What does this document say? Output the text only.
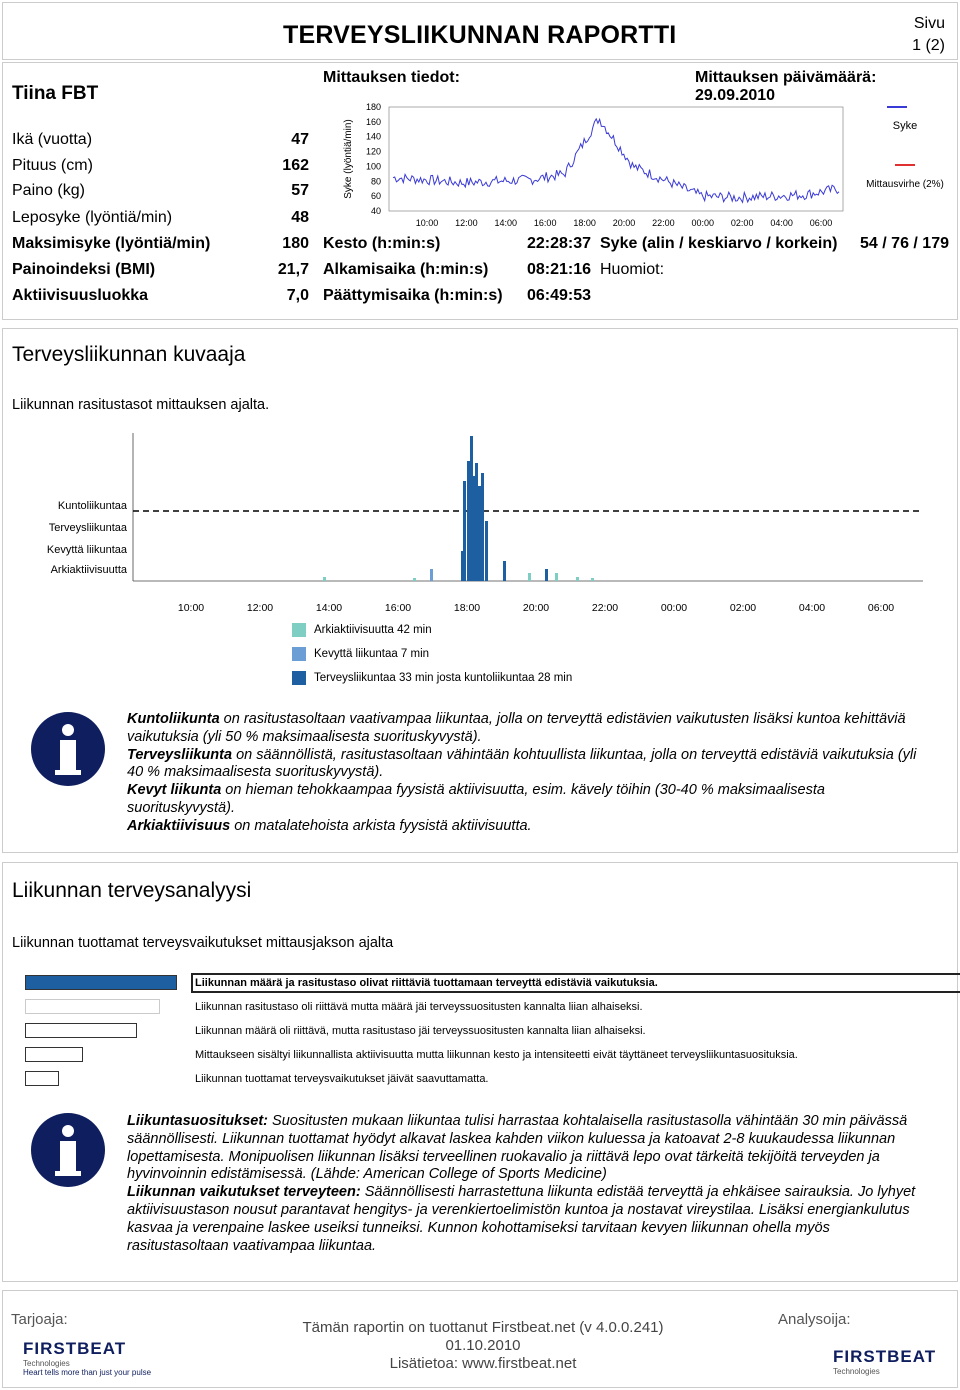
TERVEYSLIIKUNNAN RAPORTTI	Sivu
1 (2)
Tiina FBT
Ikä (vuotta)	47
Pituus (cm)	162
Paino (kg)	57
Leposyke (lyöntiä/min)	48
Maksimisyke (lyöntiä/min)	180
Painoindeksi (BMI)	21,7
Aktiivisuusluokka	7,0
Mittauksen tiedot:	Mittauksen päivämäärä: 29.09.2010
Syke (lyöntiä/min)
180
160
140
120
100
80
60
40
10:00 12:00 14:00 16:00 18:00 20:00 22:00 00:00 02:00 04:00 06:00
Syke
Mittausvirhe (2%)
Kesto (h:min:s)	22:28:37 Syke (alin / keskiarvo / korkein) 54 / 76 / 179
Alkamisaika (h:min:s) 08:21:16 Huomiot:
Päättymisaika (h:min:s) 06:49:53
Terveysliikunnan kuvaaja
Liikunnan rasitustasot mittauksen ajalta.
Kuntoliikuntaa
Terveysliikuntaa
Kevyttä liikuntaa
Arkiaktiivisuutta
10:00	12:00	14:00	16:00	18:00	20:00	22:00	00:00	02:00	04:00	06:00
Arkiaktiivisuutta 42 min
Kevyttä liikuntaa 7 min
Terveysliikuntaa 33 min josta kuntoliikuntaa 28 min
Kuntoliikunta on rasitustasoltaan vaativampaa liikuntaa, jolla on terveyttä edistävien vaikutusten lisäksi kuntoa kehittäviä vaikutuksia (yli 50 % maksimaalisesta suorituskyvystä).
Terveysliikunta on säännöllistä, rasitustasoltaan vähintään kohtuullista liikuntaa, jolla on terveyttä edistäviä vaikutuksia (yli 40 % maksimaalisesta suorituskyvystä).
Kevyt liikunta on hieman tehokkaampaa fyysistä aktiivisuutta, esim. kävely töihin (30-40 % maksimaalisesta suorituskyvystä).
Arkiaktiivisuus on matalatehoista arkista fyysistä aktiivisuutta.
Liikunnan terveysanalyysi
Liikunnan tuottamat terveysvaikutukset mittausjakson ajalta
Liikunnan määrä ja rasitustaso olivat riittäviä tuottamaan terveyttä edistäviä vaikutuksia.
Liikunnan rasitustaso oli riittävä mutta määrä jäi terveyssuositusten kannalta liian alhaiseksi.
Liikunnan määrä oli riittävä, mutta rasitustaso jäi terveyssuositusten kannalta liian alhaiseksi.
Mittaukseen sisältyi liikunnallista aktiivisuutta mutta liikunnan kesto ja intensiteetti eivät täyttäneet terveysliikuntasuosituksia.
Liikunnan tuottamat terveysvaikutukset jäivät saavuttamatta.
Liikuntasuositukset: Suositusten mukaan liikuntaa tulisi harrastaa kohtalaisella rasitustasolla vähintään 30 min päivässä säännöllisesti. Liikunnan tuottamat hyödyt alkavat laskea kahden viikon kuluessa ja katoavat 2-8 kuukaudessa liikunnan lopettamisesta. Monipuolisen liikunnan lisäksi terveellinen ruokavalio ja riittävä lepo ovat tärkeitä tekijöitä terveyden ja hyvinvoinnin edistämisessä. (Lähde: American College of Sports Medicine)
Liikunnan vaikutukset terveyteen: Säännöllisesti harrastettuna liikunta edistää terveyttä ja ehkäisee sairauksia. Jo lyhyet aktiivisuustason nousut parantavat hengitys- ja verenkiertoelimistön kuntoa ja nostavat vireystilaa. Lisäksi energiankulutus kasvaa ja verenpaine laskee useiksi tunneiksi. Kunnon kohottamiseksi tarvitaan kevyen liikunnan ohella myös rasitustasoltaan vaativampaa liikuntaa.
Tarjoaja:
FIRSTBEAT
Technologies
Heart tells more than just your pulse
Tämän raportin on tuottanut Firstbeat.net (v 4.0.0.241)
01.10.2010
Lisätietoa: www.firstbeat.net
Analysoija:
FIRSTBEAT
Technologies
